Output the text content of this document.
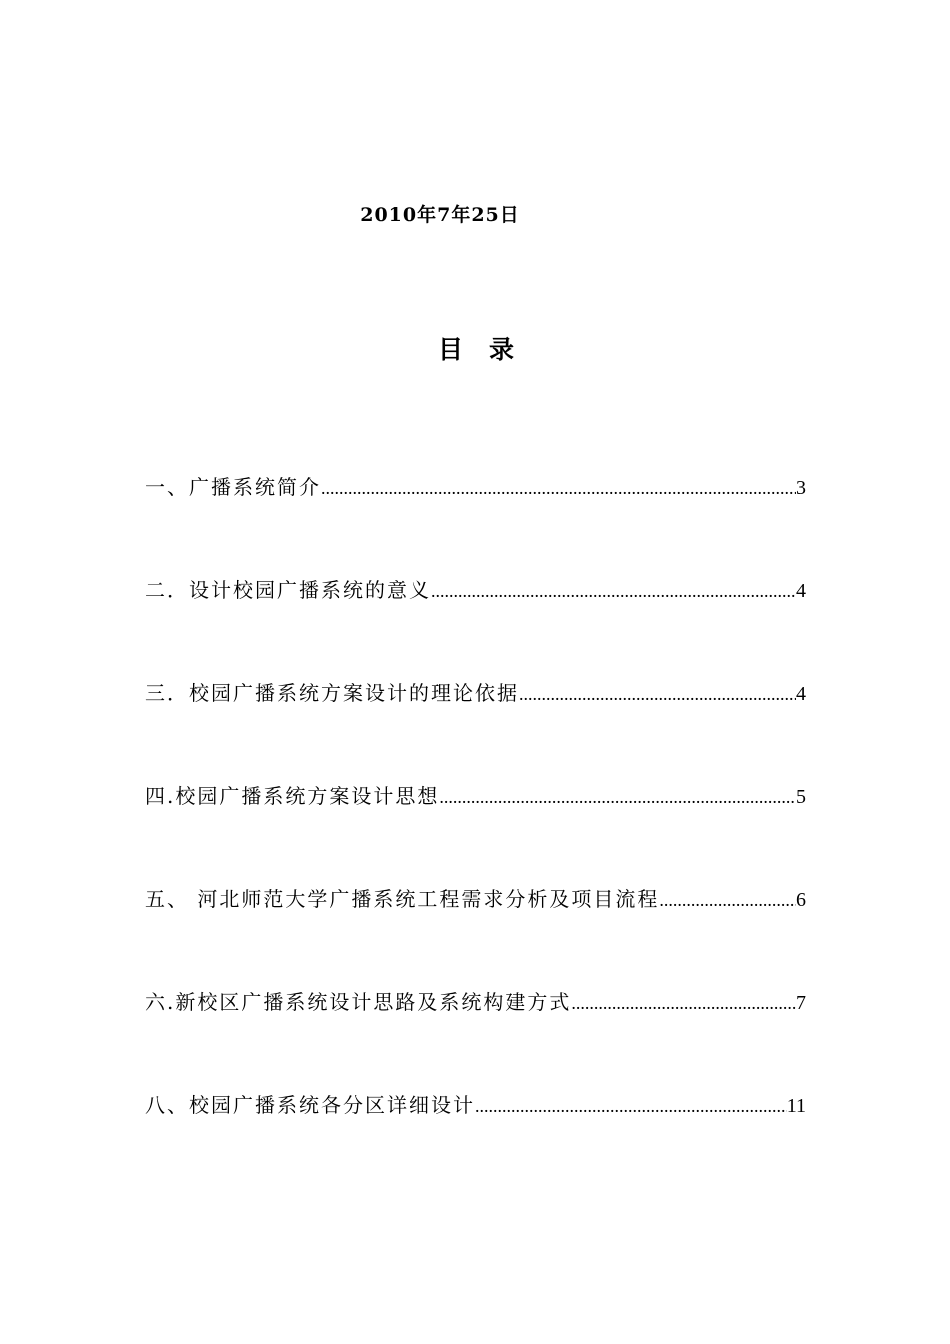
2010年7年25日
目录
一、广播系统简介 .....	3
二．设计校园广播系统的意义 .....	4
三．校园广播系统方案设计的理论依据 .....	4
四.校园广播系统方案设计思想 .....	5
五、 河北师范大学广播系统工程需求分析及项目流程 .....	6
六.新校区广播系统设计思路及系统构建方式 .....	7
八、校园广播系统各分区详细设计 .....	11
